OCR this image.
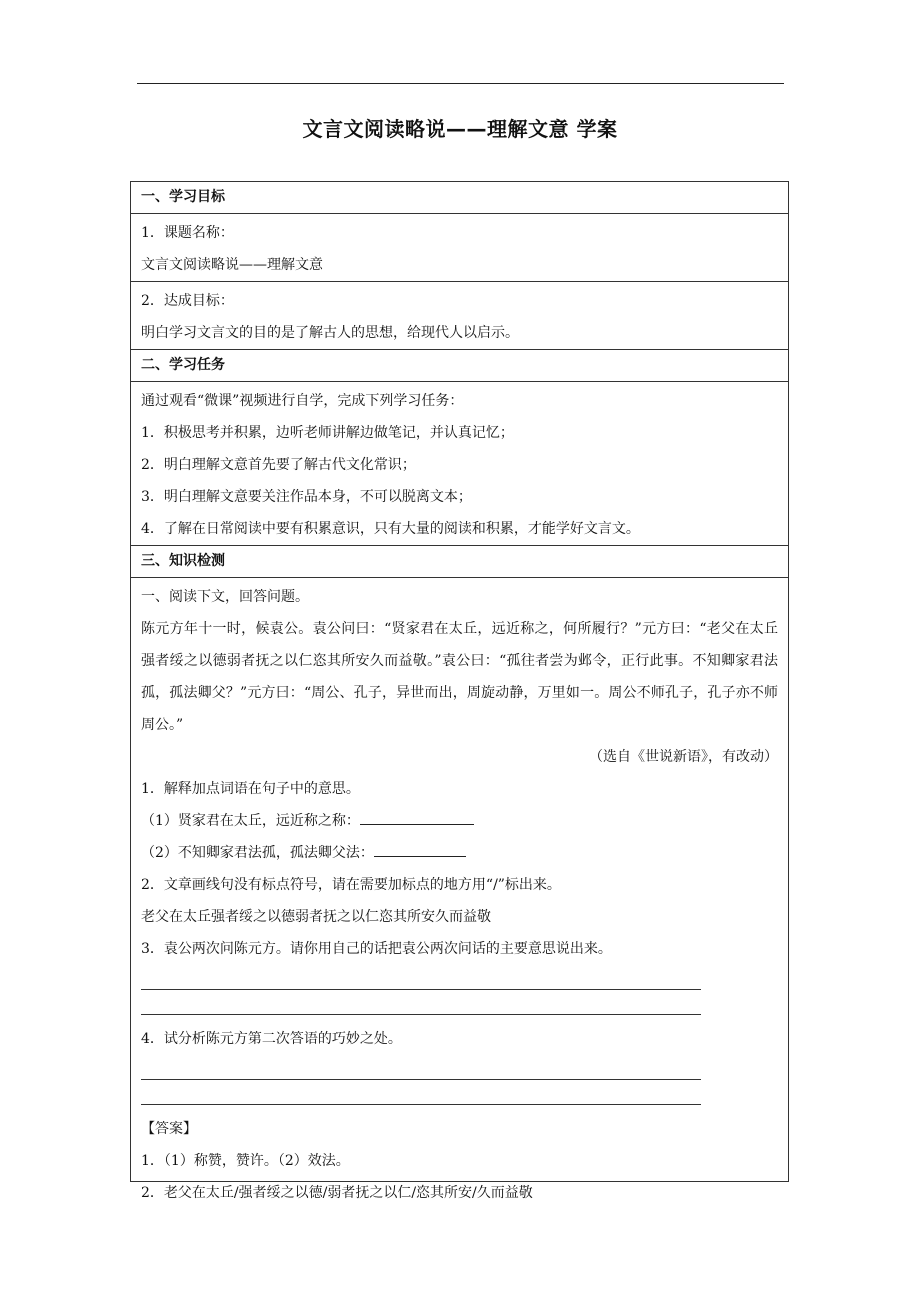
文言文阅读略说——理解文意 学案
一、学习目标
1．课题名称：
文言文阅读略说——理解文意
2．达成目标：
明白学习文言文的目的是了解古人的思想，给现代人以启示。
二、学习任务
通过观看“微课”视频进行自学，完成下列学习任务：
1．积极思考并积累，边听老师讲解边做笔记，并认真记忆；
2．明白理解文意首先要了解古代文化常识；
3．明白理解文意要关注作品本身，不可以脱离文本；
4．了解在日常阅读中要有积累意识，只有大量的阅读和积累，才能学好文言文。
三、知识检测
一、阅读下文，回答问题。
陈元方年十一时，候袁公。袁公问曰：“贤家君在太丘，远近称之，何所履行？”元方曰：“老父在太丘强者绥之以德弱者抚之以仁恣其所安久而益敬。”袁公曰：“孤往者尝为邺令，正行此事。不知卿家君法孤，孤法卿父？”元方曰：“周公、孔子，异世而出，周旋动静，万里如一。周公不师孔子，孔子亦不师周公。”
（选自《世说新语》，有改动）
1．解释加点词语在句子中的意思。
（1）贤家君在太丘，远近称之称：
（2）不知卿家君法孤，孤法卿父法：
2．文章画线句没有标点符号，请在需要加标点的地方用“/”标出来。
老父在太丘强者绥之以德弱者抚之以仁恣其所安久而益敬
3．袁公两次问陈元方。请你用自己的话把袁公两次问话的主要意思说出来。
4．试分析陈元方第二次答语的巧妙之处。
【答案】
1．（1）称赞，赞许。（2）效法。
2．老父在太丘/强者绥之以德/弱者抚之以仁/恣其所安/久而益敬
